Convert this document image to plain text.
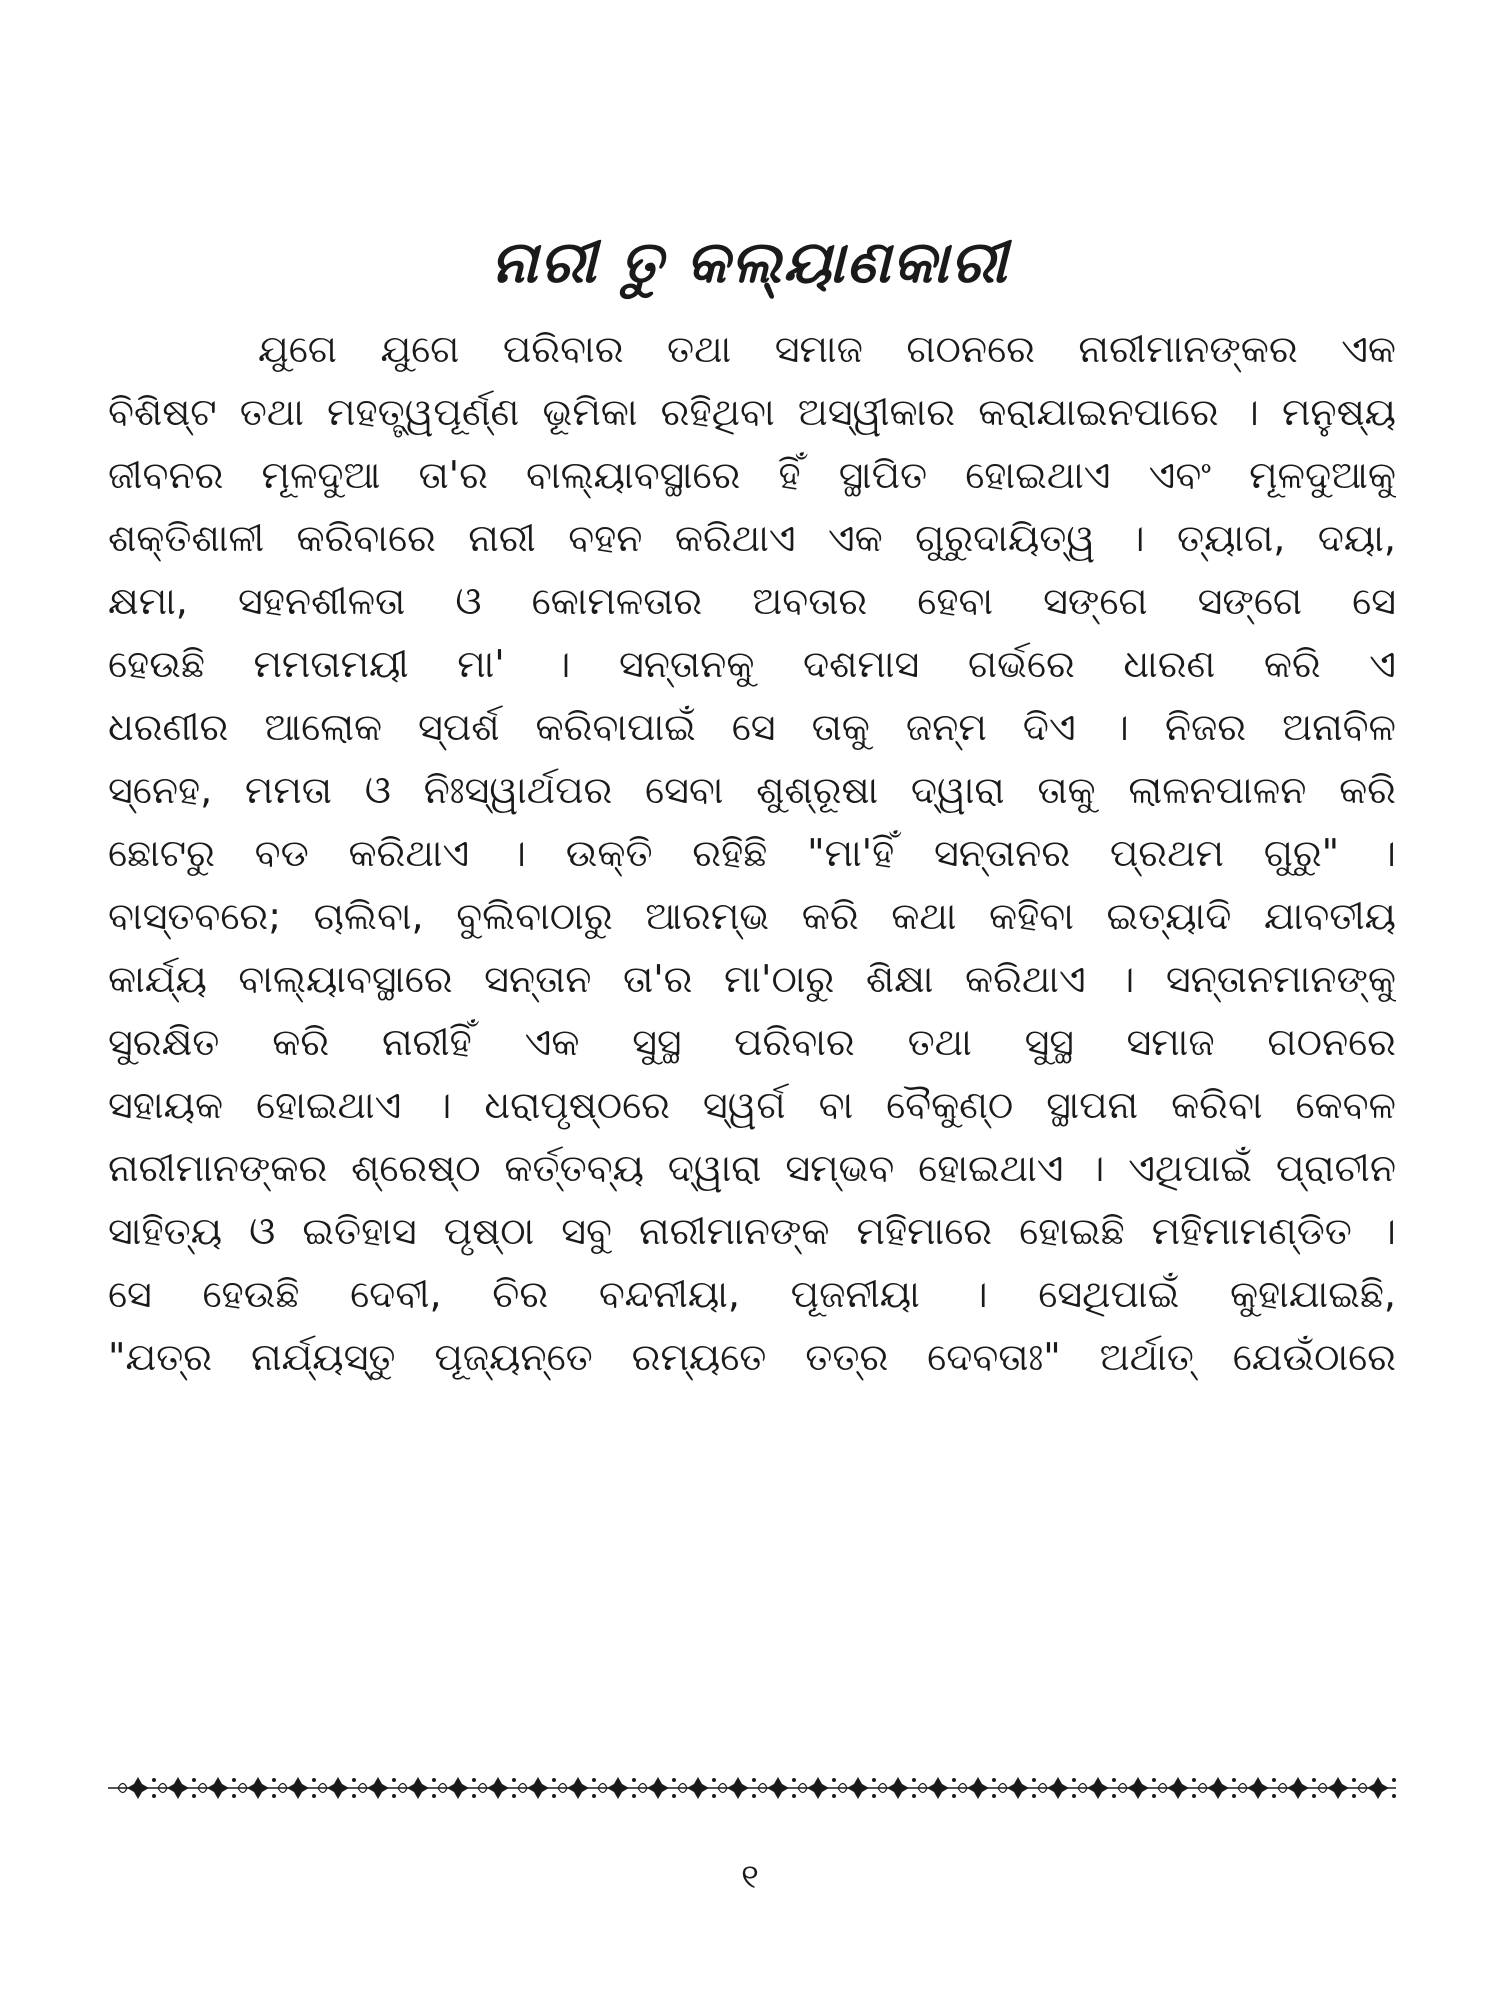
ନାରୀ ତୁ କଲ୍ୟାଣକାରୀ
ଯୁଗେ ଯୁଗେ ପରିବାର ତଥା ସମାଜ ଗଠନରେ ନାରୀମାନଙ୍କର ଏକ
ବିଶିଷ୍ଟ ତଥା ମହତ୍ତ୍ୱପୂର୍ଣ୍ଣ ଭୂମିକା ରହିଥିବା ଅସ୍ୱୀକାର କରାଯାଇନପାରେ । ମନୁଷ୍ୟ
ଜୀବନର ମୂଳଦୁଆ ତା'ର ବାଲ୍ୟାବସ୍ଥାରେ ହିଁ ସ୍ଥାପିତ ହୋଇଥାଏ ଏବଂ ମୂଳଦୁଆକୁ
ଶକ୍ତିଶାଳୀ କରିବାରେ ନାରୀ ବହନ କରିଥାଏ ଏକ ଗୁରୁଦାୟିତ୍ୱ । ତ୍ୟାଗ, ଦୟା,
କ୍ଷମା, ସହନଶୀଳତା ଓ କୋମଳତାର ଅବତାର ହେବା ସଙ୍ଗେ ସଙ୍ଗେ ସେ
ହେଉଛି ମମତାମୟୀ ମା' । ସନ୍ତାନକୁ ଦଶମାସ ଗର୍ଭରେ ଧାରଣ କରି ଏ
ଧରଣୀର ଆଲୋକ ସ୍ପର୍ଶ କରିବାପାଇଁ ସେ ତାକୁ ଜନ୍ମ ଦିଏ । ନିଜର ଅନାବିଳ
ସ୍ନେହ, ମମତା ଓ ନିଃସ୍ୱାର୍ଥପର ସେବା ଶୁଶ୍ରୂଷା ଦ୍ୱାରା ତାକୁ ଲାଳନପାଳନ କରି
ଛୋଟରୁ ବଡ କରିଥାଏ । ଉକ୍ତି ରହିଛି "ମା'ହିଁ ସନ୍ତାନର ପ୍ରଥମ ଗୁରୁ" ।
ବାସ୍ତବରେ; ଚାଲିବା, ବୁଲିବାଠାରୁ ଆରମ୍ଭ କରି କଥା କହିବା ଇତ୍ୟାଦି ଯାବତୀୟ
କାର୍ଯ୍ୟ ବାଲ୍ୟାବସ୍ଥାରେ ସନ୍ତାନ ତା'ର ମା'ଠାରୁ ଶିକ୍ଷା କରିଥାଏ । ସନ୍ତାନମାନଙ୍କୁ
ସୁରକ୍ଷିତ କରି ନାରୀହିଁ ଏକ ସୁସ୍ଥ ପରିବାର ତଥା ସୁସ୍ଥ ସମାଜ ଗଠନରେ
ସହାୟକ ହୋଇଥାଏ । ଧରାପୃଷ୍ଠରେ ସ୍ୱର୍ଗ ବା ବୈକୁଣ୍ଠ ସ୍ଥାପନା କରିବା କେବଳ
ନାରୀମାନଙ୍କର ଶ୍ରେଷ୍ଠ କର୍ତ୍ତବ୍ୟ ଦ୍ୱାରା ସମ୍ଭବ ହୋଇଥାଏ । ଏଥିପାଇଁ ପ୍ରାଚୀନ
ସାହିତ୍ୟ ଓ ଇତିହାସ ପୃଷ୍ଠା ସବୁ ନାରୀମାନଙ୍କ ମହିମାରେ ହୋଇଛି ମହିମାମଣ୍ଡିତ ।
ସେ ହେଉଛି ଦେବୀ, ଚିର ବନ୍ଦନୀୟା, ପୂଜନୀୟା । ସେଥିପାଇଁ କୁହାଯାଇଛି,
"ଯତ୍ର ନାର୍ଯ୍ୟସ୍ତୁ ପୂଜ୍ୟନ୍ତେ ରମ୍ୟତେ ତତ୍ର ଦେବତାଃ" ଅର୍ଥାତ୍ ଯେଉଁଠାରେ
୧
